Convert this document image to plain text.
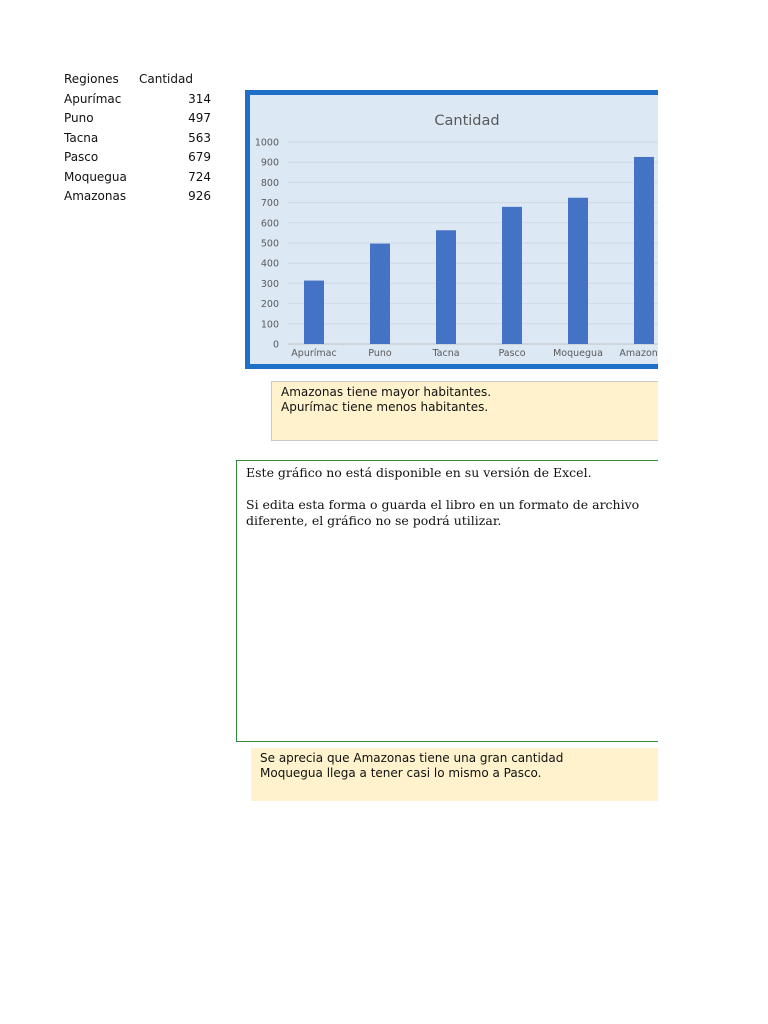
Regiones Cantidad
Apurímac	314
Puno	497
Tacna	563
Pasco	679
Moquegua	724
Amazonas	926
Cantidad
0
100
200
300
400
500
600
700
800
900
1000
Apurímac	Puno	Tacna	Pasco	Moquegua Amazonas
Amazonas tiene mayor habitantes.
Apurímac tiene menos habitantes.
Este gráfico no está disponible en su versión de Excel.
Si edita esta forma o guarda el libro en un formato de archivo diferente, el gráfico no se podrá utilizar.
Se aprecia que Amazonas tiene una gran cantidad
Moquegua llega a tener casi lo mismo a Pasco.
